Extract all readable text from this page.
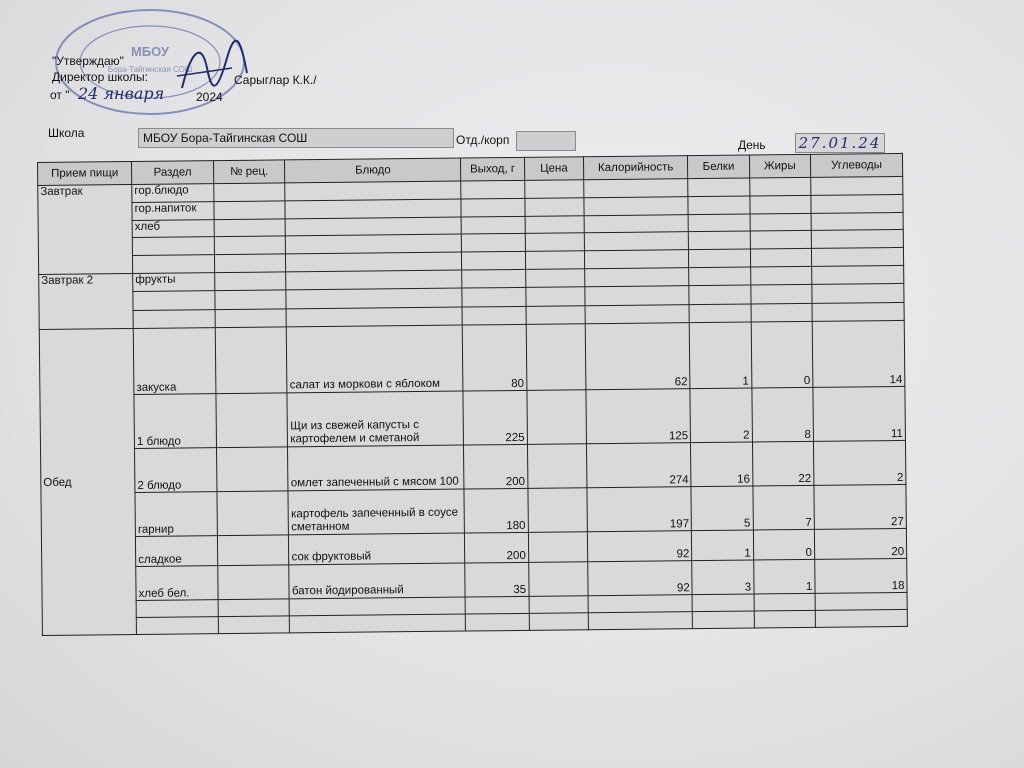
МБОУ
Бора-Тайгинская СОШ
"Утверждаю"
Директор школы:	Сарыглар К.К./
от " 24 января	2024
Школа	МБОУ Бора-Тайгинская СОШ	Отд./корп	День 27.01.24
Прием пищи	Раздел	№ рец.	Блюдо	Выход, г	Цена	Калорийность	Белки	Жиры	Углеводы
Завтрак	гор.блюдо								
	гор.напиток								
	хлеб								

Завтрак 2	фрукты								

Обед	закуска		салат из моркови с яблоком	80		62	1	0	14
	1 блюдо		Щи из свежей капусты с картофелем и сметаной	225		125	2	8	11
	2 блюдо		омлет запеченный с мясом 100	200		274	16	22	2
	гарнир		картофель запеченный в соусе сметанном	180		197	5	7	27
	сладкое		сок фруктовый	200		92	1	0	20
	хлеб бел.		батон йодированный	35		92	3	1	18
